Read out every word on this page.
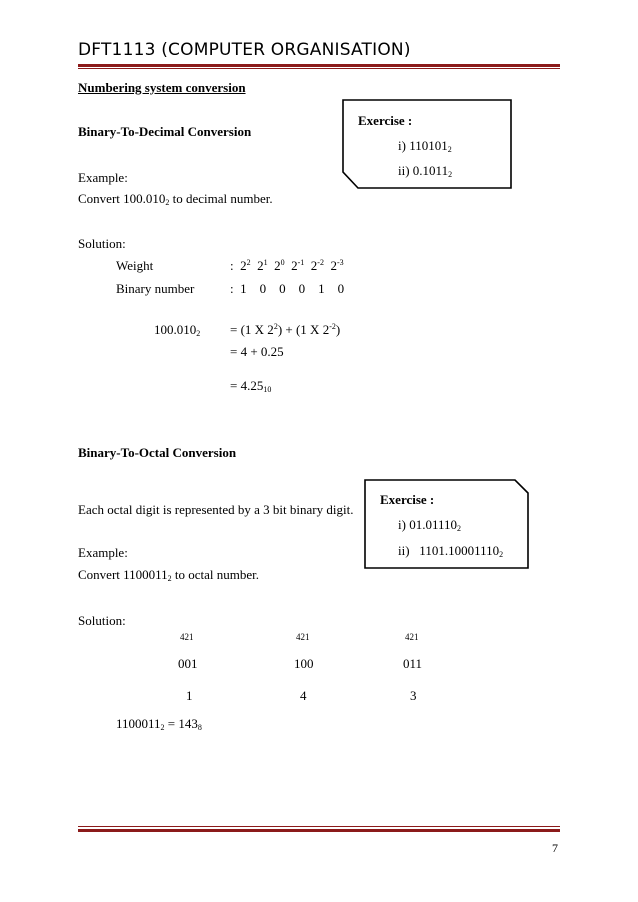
DFT1113 (COMPUTER ORGANISATION)
Numbering system conversion
Exercise :
i) 1101012
ii) 0.10112
Binary-To-Decimal Conversion
Example:
Convert 100.0102 to decimal number.
Solution:
Weight	: $2^2$ $2^1$ $2^0$ $2^{-1}$ $2^{-2}$ $2^{-3}$
Binary number	:  1    0    0    0    1    0
100.0102 = (1 X $2^2) + (1$ X $2^{-2}$)
= 4 + 0.25
= 4.2510
Binary-To-Octal Conversion
Exercise :
i) 01.011102
ii)   1101.100011102
Each octal digit is represented by a 3 bit binary digit.
Example:
Convert 11000112 to octal number.
Solution:
421	421	421
001	100	011
1	4	3
11000112 = 1438
7
